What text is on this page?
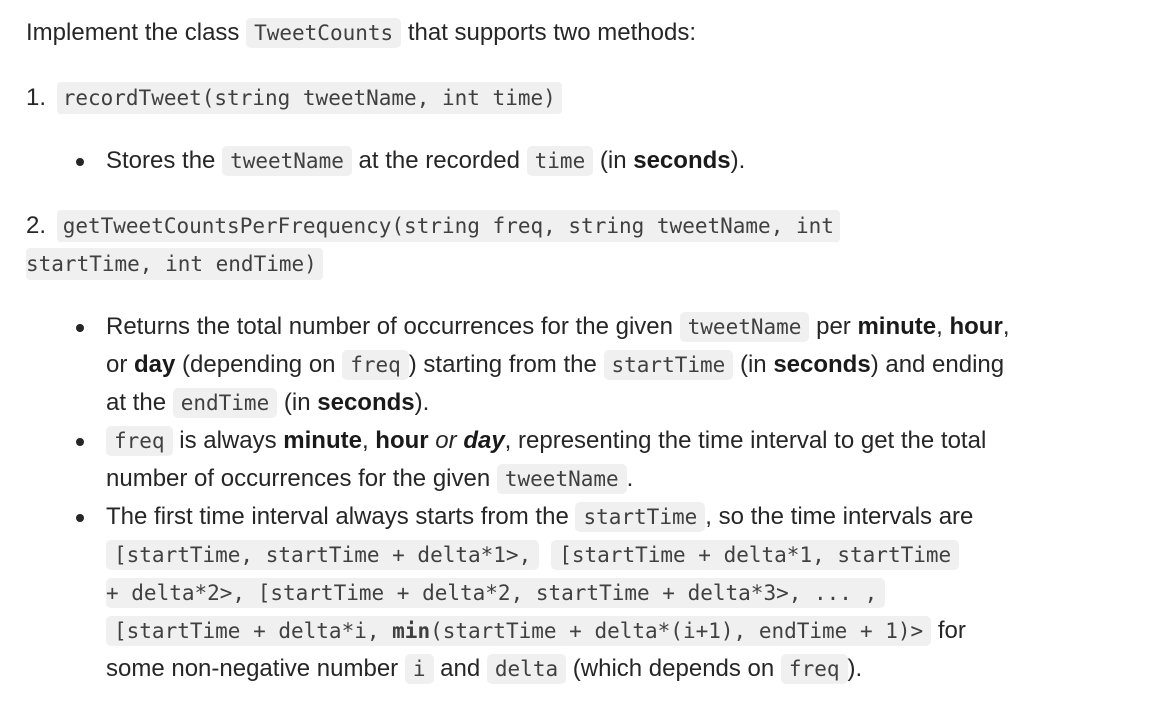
Implement the class TweetCounts that supports two methods:
1. recordTweet(string tweetName, int time)
Stores the tweetName at the recorded time (in seconds).
2. getTweetCountsPerFrequency(string freq, string tweetName, int
startTime, int endTime)
Returns the total number of occurrences for the given tweetName per minute, hour,
or day (depending on freq ) starting from the startTime (in seconds) and ending
at the endTime (in seconds).
freq is always minute, hour or day, representing the time interval to get the total
number of occurrences for the given tweetName .
The first time interval always starts from the startTime , so the time intervals are
[startTime, startTime + delta*1>, [startTime + delta*1, startTime
+ delta*2>, [startTime + delta*2, startTime + delta*3>, ... ,
[startTime + delta*i, min(startTime + delta*(i+1), endTime + 1)> for
some non-negative number i and delta (which depends on freq ).
